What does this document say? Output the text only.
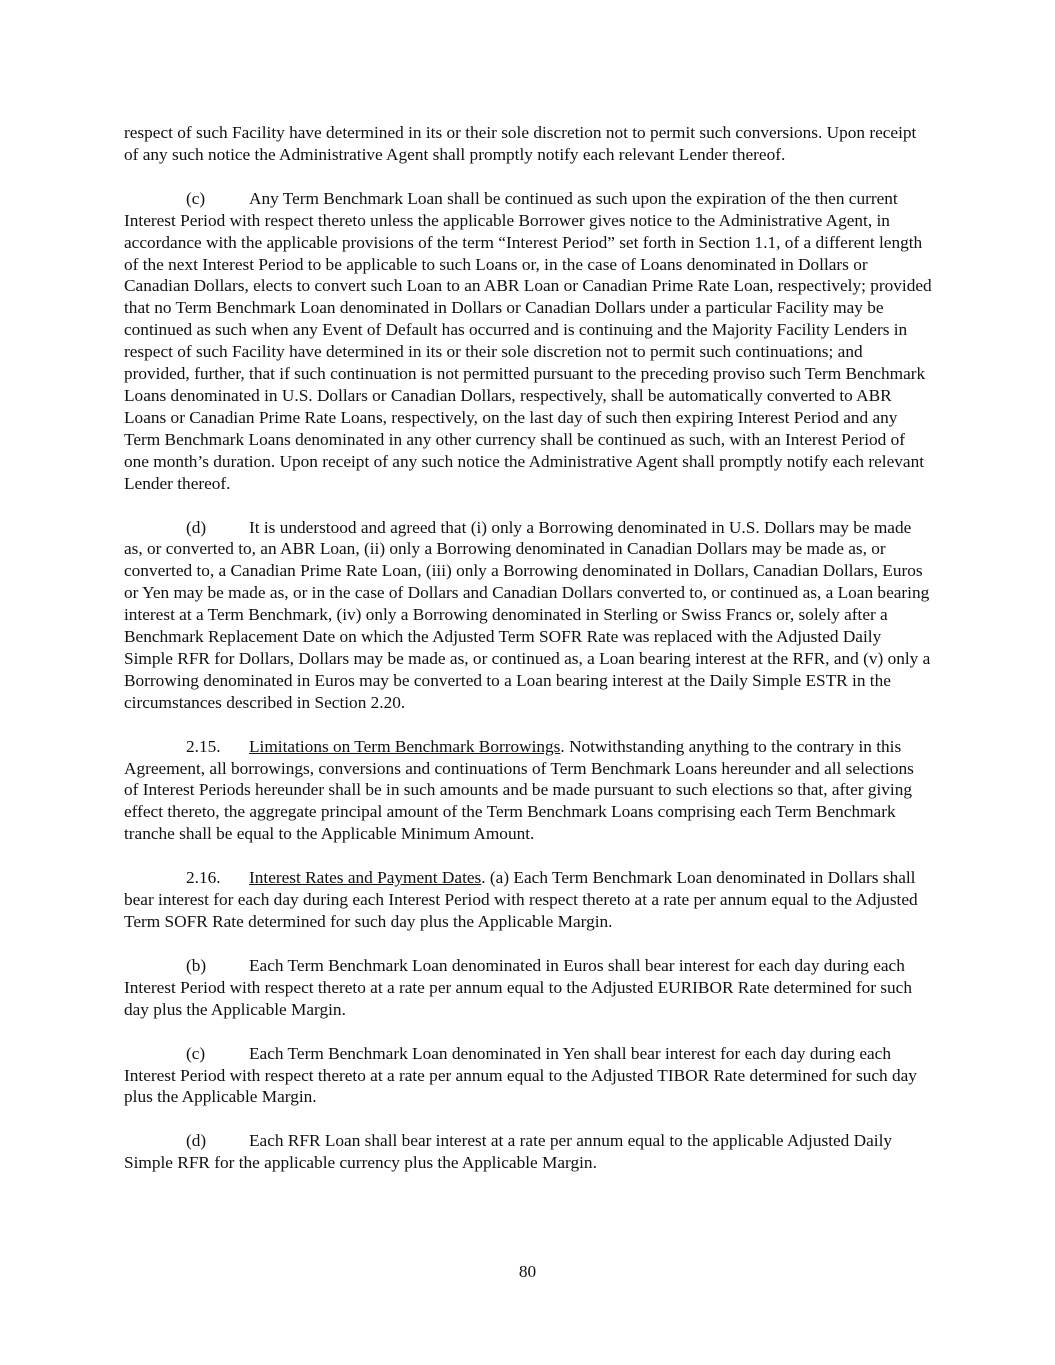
respect of such Facility have determined in its or their sole discretion not to permit such conversions. Upon receipt of any such notice the Administrative Agent shall promptly notify each relevant Lender thereof.

(c)	Any Term Benchmark Loan shall be continued as such upon the expiration of the then current Interest Period with respect thereto unless the applicable Borrower gives notice to the Administrative Agent, in accordance with the applicable provisions of the term “Interest Period” set forth in Section 1.1, of a different length of the next Interest Period to be applicable to such Loans or, in the case of Loans denominated in Dollars or Canadian Dollars, elects to convert such Loan to an ABR Loan or Canadian Prime Rate Loan, respectively; provided that no Term Benchmark Loan denominated in Dollars or Canadian Dollars under a particular Facility may be continued as such when any Event of Default has occurred and is continuing and the Majority Facility Lenders in respect of such Facility have determined in its or their sole discretion not to permit such continuations; and provided, further, that if such continuation is not permitted pursuant to the preceding proviso such Term Benchmark Loans denominated in U.S. Dollars or Canadian Dollars, respectively, shall be automatically converted to ABR Loans or Canadian Prime Rate Loans, respectively, on the last day of such then expiring Interest Period and any Term Benchmark Loans denominated in any other currency shall be continued as such, with an Interest Period of one month’s duration. Upon receipt of any such notice the Administrative Agent shall promptly notify each relevant Lender thereof.

(d) It is understood and agreed that (i) only a Borrowing denominated in U.S. Dollars may be made as, or converted to, an ABR Loan, (ii) only a Borrowing denominated in Canadian Dollars may be made as, or converted to, a Canadian Prime Rate Loan, (iii) only a Borrowing denominated in Dollars, Canadian Dollars, Euros or Yen may be made as, or in the case of Dollars and Canadian Dollars converted to, or continued as, a Loan bearing interest at a Term Benchmark, (iv) only a Borrowing denominated in Sterling or Swiss Francs or, solely after a Benchmark Replacement Date on which the Adjusted Term SOFR Rate was replaced with the Adjusted Daily Simple RFR for Dollars, Dollars may be made as, or continued as, a Loan bearing interest at the RFR, and (v) only a Borrowing denominated in Euros may be converted to a Loan bearing interest at the Daily Simple ESTR in the circumstances described in Section 2.20.

2.15. Limitations on Term Benchmark Borrowings. Notwithstanding anything to the contrary in this Agreement, all borrowings, conversions and continuations of Term Benchmark Loans hereunder and all selections of Interest Periods hereunder shall be in such amounts and be made pursuant to such elections so that, after giving effect thereto, the aggregate principal amount of the Term Benchmark Loans comprising each Term Benchmark tranche shall be equal to the Applicable Minimum Amount.

2.16. Interest Rates and Payment Dates. (a) Each Term Benchmark Loan denominated in Dollars shall bear interest for each day during each Interest Period with respect thereto at a rate per annum equal to the Adjusted Term SOFR Rate determined for such day plus the Applicable Margin.

(b) Each Term Benchmark Loan denominated in Euros shall bear interest for each day during each Interest Period with respect thereto at a rate per annum equal to the Adjusted EURIBOR Rate determined for such day plus the Applicable Margin.

(c)	Each Term Benchmark Loan denominated in Yen shall bear interest for each day during each Interest Period with respect thereto at a rate per annum equal to the Adjusted TIBOR Rate determined for such day plus the Applicable Margin.

(d) Each RFR Loan shall bear interest at a rate per annum equal to the applicable Adjusted Daily Simple RFR for the applicable currency plus the Applicable Margin.

80
